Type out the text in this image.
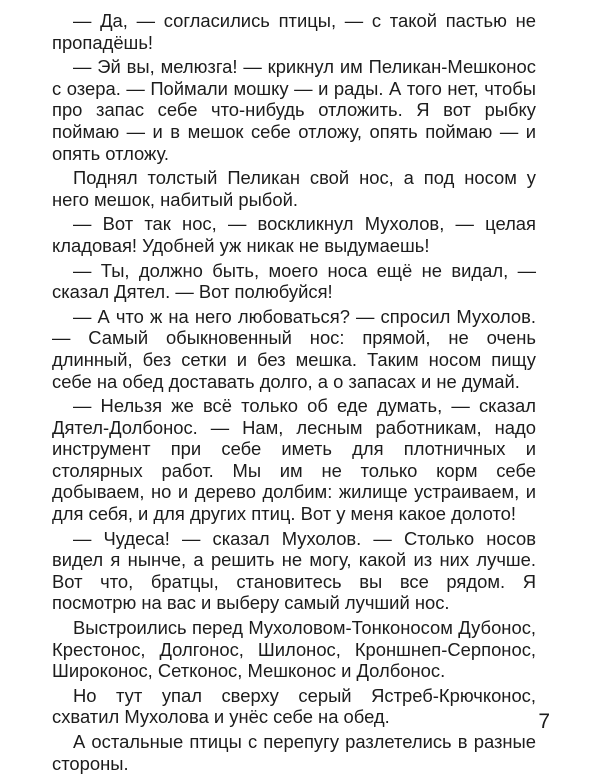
— Да, — согласились птицы, — с такой пастью не пропадёшь!

— Эй вы, мелюзга! — крикнул им Пеликан-Мешконос с озера. — Поймали мошку — и рады. А того нет, чтобы про запас себе что-нибудь отложить. Я вот рыбку поймаю — и в мешок себе отложу, опять поймаю — и опять отложу.

Поднял толстый Пеликан свой нос, а под носом у него мешок, набитый рыбой.

— Вот так нос, — воскликнул Мухолов, — целая кладовая! Удобней уж никак не выдумаешь!

— Ты, должно быть, моего носа ещё не видал, — сказал Дятел. — Вот полюбуйся!

— А что ж на него любоваться? — спросил Мухолов. — Самый обыкновенный нос: прямой, не очень длинный, без сетки и без мешка. Таким носом пищу себе на обед доставать долго, а о запасах и не думай.

— Нельзя же всё только об еде думать, — сказал Дятел-Долбонос. — Нам, лесным работникам, надо инструмент при себе иметь для плотничных и столярных работ. Мы им не только корм себе добываем, но и дерево долбим: жилище устраиваем, и для себя, и для других птиц. Вот у меня какое долото!

— Чудеса! — сказал Мухолов. — Столько носов видел я нынче, а решить не могу, какой из них лучше. Вот что, братцы, становитесь вы все рядом. Я посмотрю на вас и выберу самый лучший нос.

Выстроились перед Мухоловом-Тонконосом Дубонос, Крестонос, Долгонос, Шилонос, Кроншнеп-Серпонос, Широконос, Сетконос, Мешконос и Долбонос.

Но тут упал сверху серый Ястреб-Крючконос, схватил Мухолова и унёс себе на обед.

А остальные птицы с перепугу разлетелись в разные стороны.

7
